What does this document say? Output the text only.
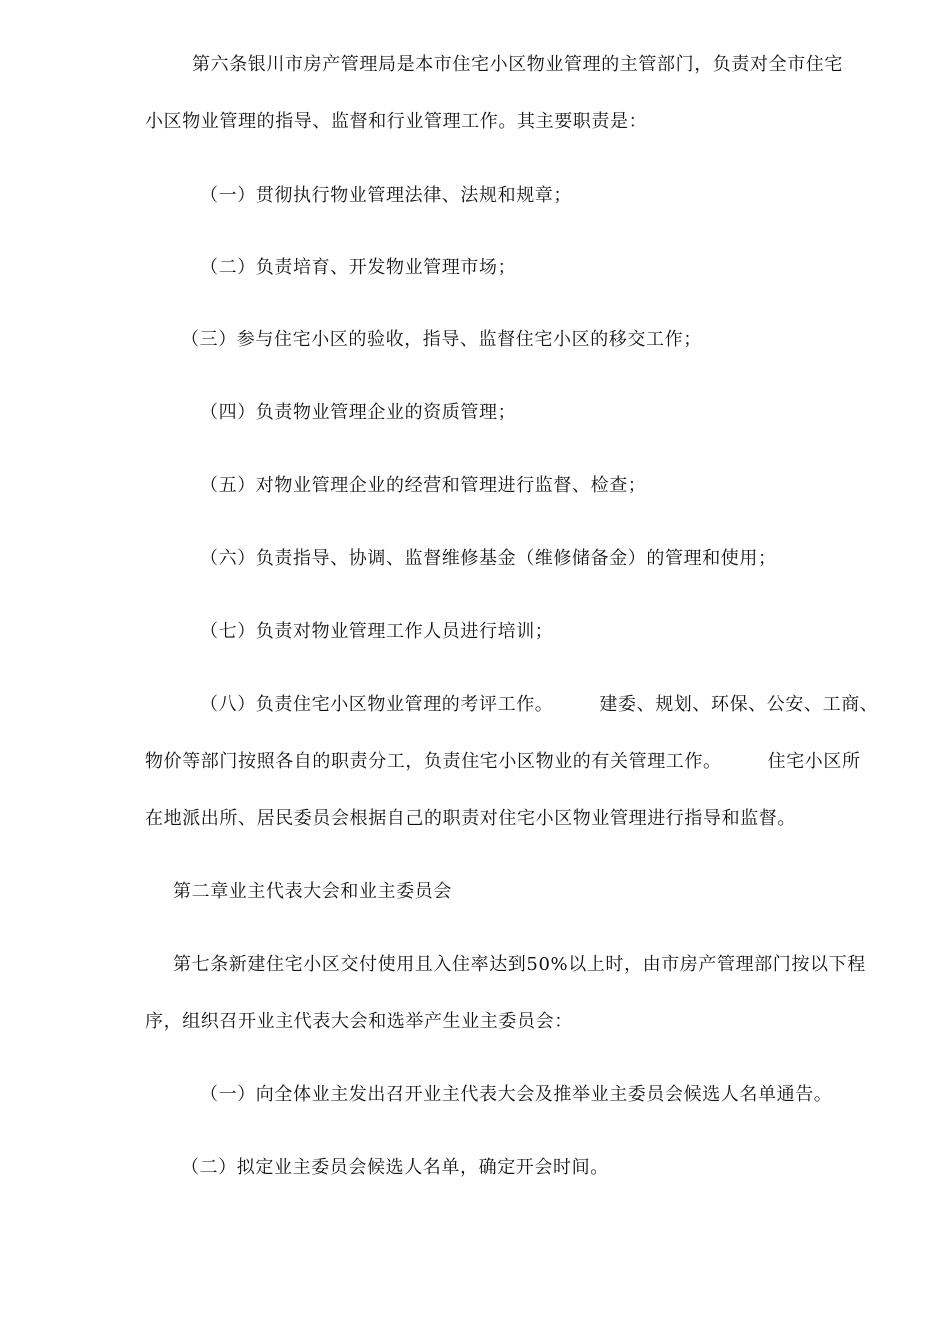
第六条银川市房产管理局是本市住宅小区物业管理的主管部门，负责对全市住宅
小区物业管理的指导、监督和行业管理工作。其主要职责是：
（一）贯彻执行物业管理法律、法规和规章；
（二）负责培育、开发物业管理市场；
（三）参与住宅小区的验收，指导、监督住宅小区的移交工作；
（四）负责物业管理企业的资质管理；
（五）对物业管理企业的经营和管理进行监督、检查；
（六）负责指导、协调、监督维修基金（维修储备金）的管理和使用；
（七）负责对物业管理工作人员进行培训；
（八）负责住宅小区物业管理的考评工作。	建委、规划、环保、公安、工商、
物价等部门按照各自的职责分工，负责住宅小区物业的有关管理工作。	住宅小区所
在地派出所、居民委员会根据自己的职责对住宅小区物业管理进行指导和监督。
第二章业主代表大会和业主委员会
第七条新建住宅小区交付使用且入住率达到50%以上时，由市房产管理部门按以下程
序，组织召开业主代表大会和选举产生业主委员会：
（一）向全体业主发出召开业主代表大会及推举业主委员会候选人名单通告。
（二）拟定业主委员会候选人名单，确定开会时间。
